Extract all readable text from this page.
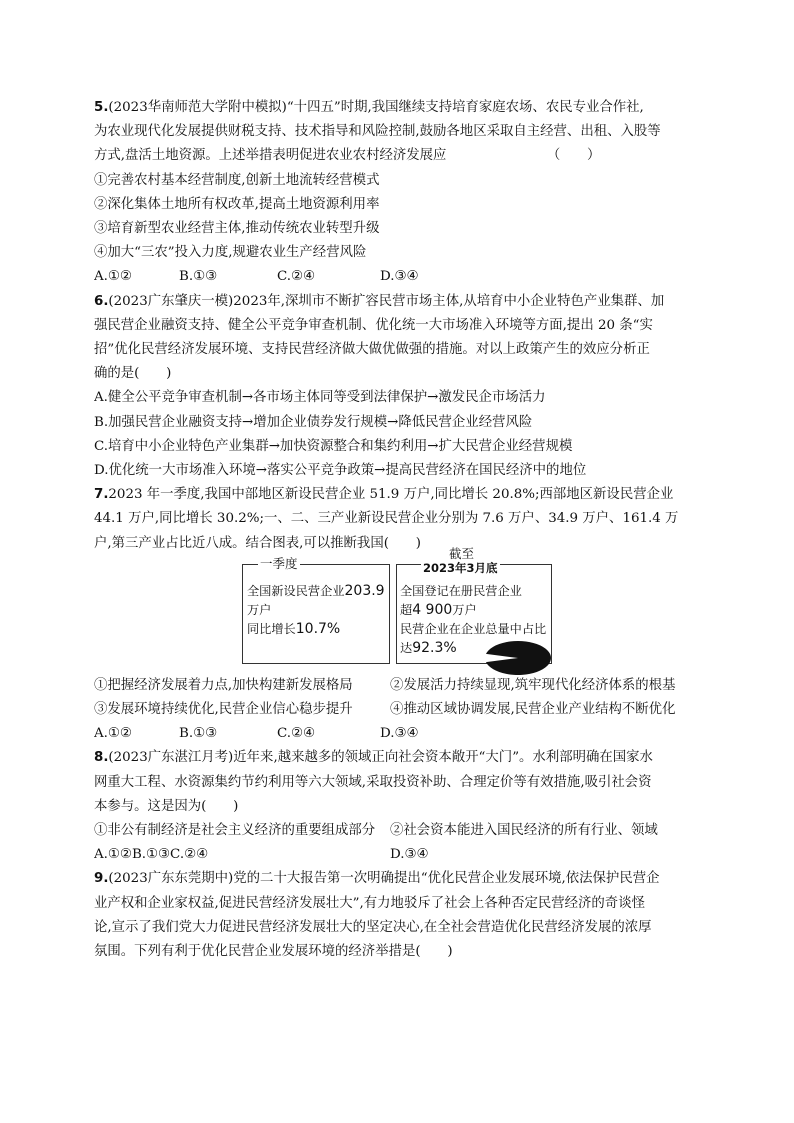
5.(2023华南师范大学附中模拟)“十四五”时期,我国继续支持培育家庭农场、农民专业合作社,
为农业现代化发展提供财税支持、技术指导和风险控制,鼓励各地区采取自主经营、出租、入股等
方式,盘活土地资源。上述举措表明促进农业农村经济发展应　　　　　　　　（　　）
①完善农村基本经营制度,创新土地流转经营模式
②深化集体土地所有权改革,提高土地资源利用率
③培育新型农业经营主体,推动传统农业转型升级
④加大“三农”投入力度,规避农业生产经营风险
A.①②	B.①③	C.②④	D.③④
6.(2023广东肇庆一模)2023年,深圳市不断扩容民营市场主体,从培育中小企业特色产业集群、加
强民营企业融资支持、健全公平竞争审查机制、优化统一大市场准入环境等方面,提出 20 条“实
招”优化民营经济发展环境、支持民营经济做大做优做强的措施。对以上政策产生的效应分析正
确的是(　　)
A.健全公平竞争审查机制→各市场主体同等受到法律保护→激发民企市场活力
B.加强民营企业融资支持→增加企业债券发行规模→降低民营企业经营风险
C.培育中小企业特色产业集群→加快资源整合和集约利用→扩大民营企业经营规模
D.优化统一大市场准入环境→落实公平竞争政策→提高民营经济在国民经济中的地位
7.2023 年一季度,我国中部地区新设民营企业 51.9 万户,同比增长 20.8%;西部地区新设民营企业
44.1 万户,同比增长 30.2%;一、二、三产业新设民营企业分别为 7.6 万户、34.9 万户、161.4 万
户,第三产业占比近八成。结合图表,可以推断我国(　　)
一季度
全国新设民营企业203.9
万户
同比增长10.7%
截至
2023年3月底
全国登记在册民营企业
超4 900万户
民营企业在企业总量中占比
达92.3%
①把握经济发展着力点,加快构建新发展格局	②发展活力持续显现,筑牢现代化经济体系的根基
③发展环境持续优化,民营企业信心稳步提升	④推动区域协调发展,民营企业产业结构不断优化
A.①②	B.①③	C.②④	D.③④
8.(2023广东湛江月考)近年来,越来越多的领域正向社会资本敞开“大门”。水利部明确在国家水
网重大工程、水资源集约节约利用等六大领域,采取投资补助、合理定价等有效措施,吸引社会资
本参与。这是因为(　　)
①非公有制经济是社会主义经济的重要组成部分	②社会资本能进入国民经济的所有行业、领域
A.①② B.①③ C.②④	D.③④
9.(2023广东东莞期中)党的二十大报告第一次明确提出“优化民营企业发展环境,依法保护民营企
业产权和企业家权益,促进民营经济发展壮大”,有力地驳斥了社会上各种否定民营经济的奇谈怪
论,宣示了我们党大力促进民营经济发展壮大的坚定决心,在全社会营造优化民营经济发展的浓厚
氛围。下列有利于优化民营企业发展环境的经济举措是(　　)
